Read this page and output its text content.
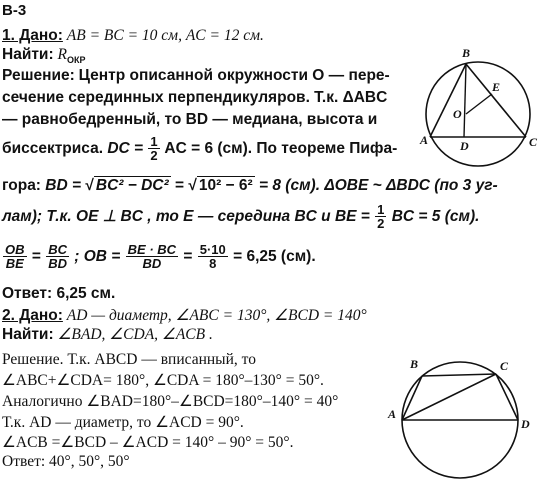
В-3
1. Дано: AB = BC = 10 см, AC = 12 см.
Найти: $R_{ОКР}$
Решение: Центр описанной окружности O — пере-
сечение серединных перпендикуляров. Т.к. ΔABC
— равнобедренный, то BD — медиана, высота и
биссектриса. DC = $\frac{1}{2}$ AC = 6 (см). По теореме Пифа-
гора: BD = √ BC² − DC² = √ 10² − 6² = 8 (см). ΔOBE ~ ΔBDC (по 3 уг-
лам); Т.к. OE ⊥ BC , то E — середина BC и BE = $\frac{1}{2}$ BC = 5 (см).
$\frac{OB}{BE} = \frac{BC}{BD}$ ; OB = $\frac{BE \cdot BC}{BD} = \frac{5\cdot 10}{8} = 6,25$ (см).
Ответ: 6,25 см.
A
B
C
D
E
O
2. Дано: AD — диаметр, ∠ABC = 130°, ∠BCD = 140°
Найти: ∠BAD, ∠CDA, ∠ACB .
Решение. Т.к. ABCD — вписанный, то
∠ABC+∠CDA= 180°, ∠CDA = 180°–130° = 50°.
Аналогично ∠BAD=180°–∠BCD=180°–140° = 40°
Т.к. AD — диаметр, то ∠ACD = 90°.
∠ACB =∠BCD – ∠ACD = 140° – 90° = 50°.
Ответ: 40°, 50°, 50°
A
B	C
D
